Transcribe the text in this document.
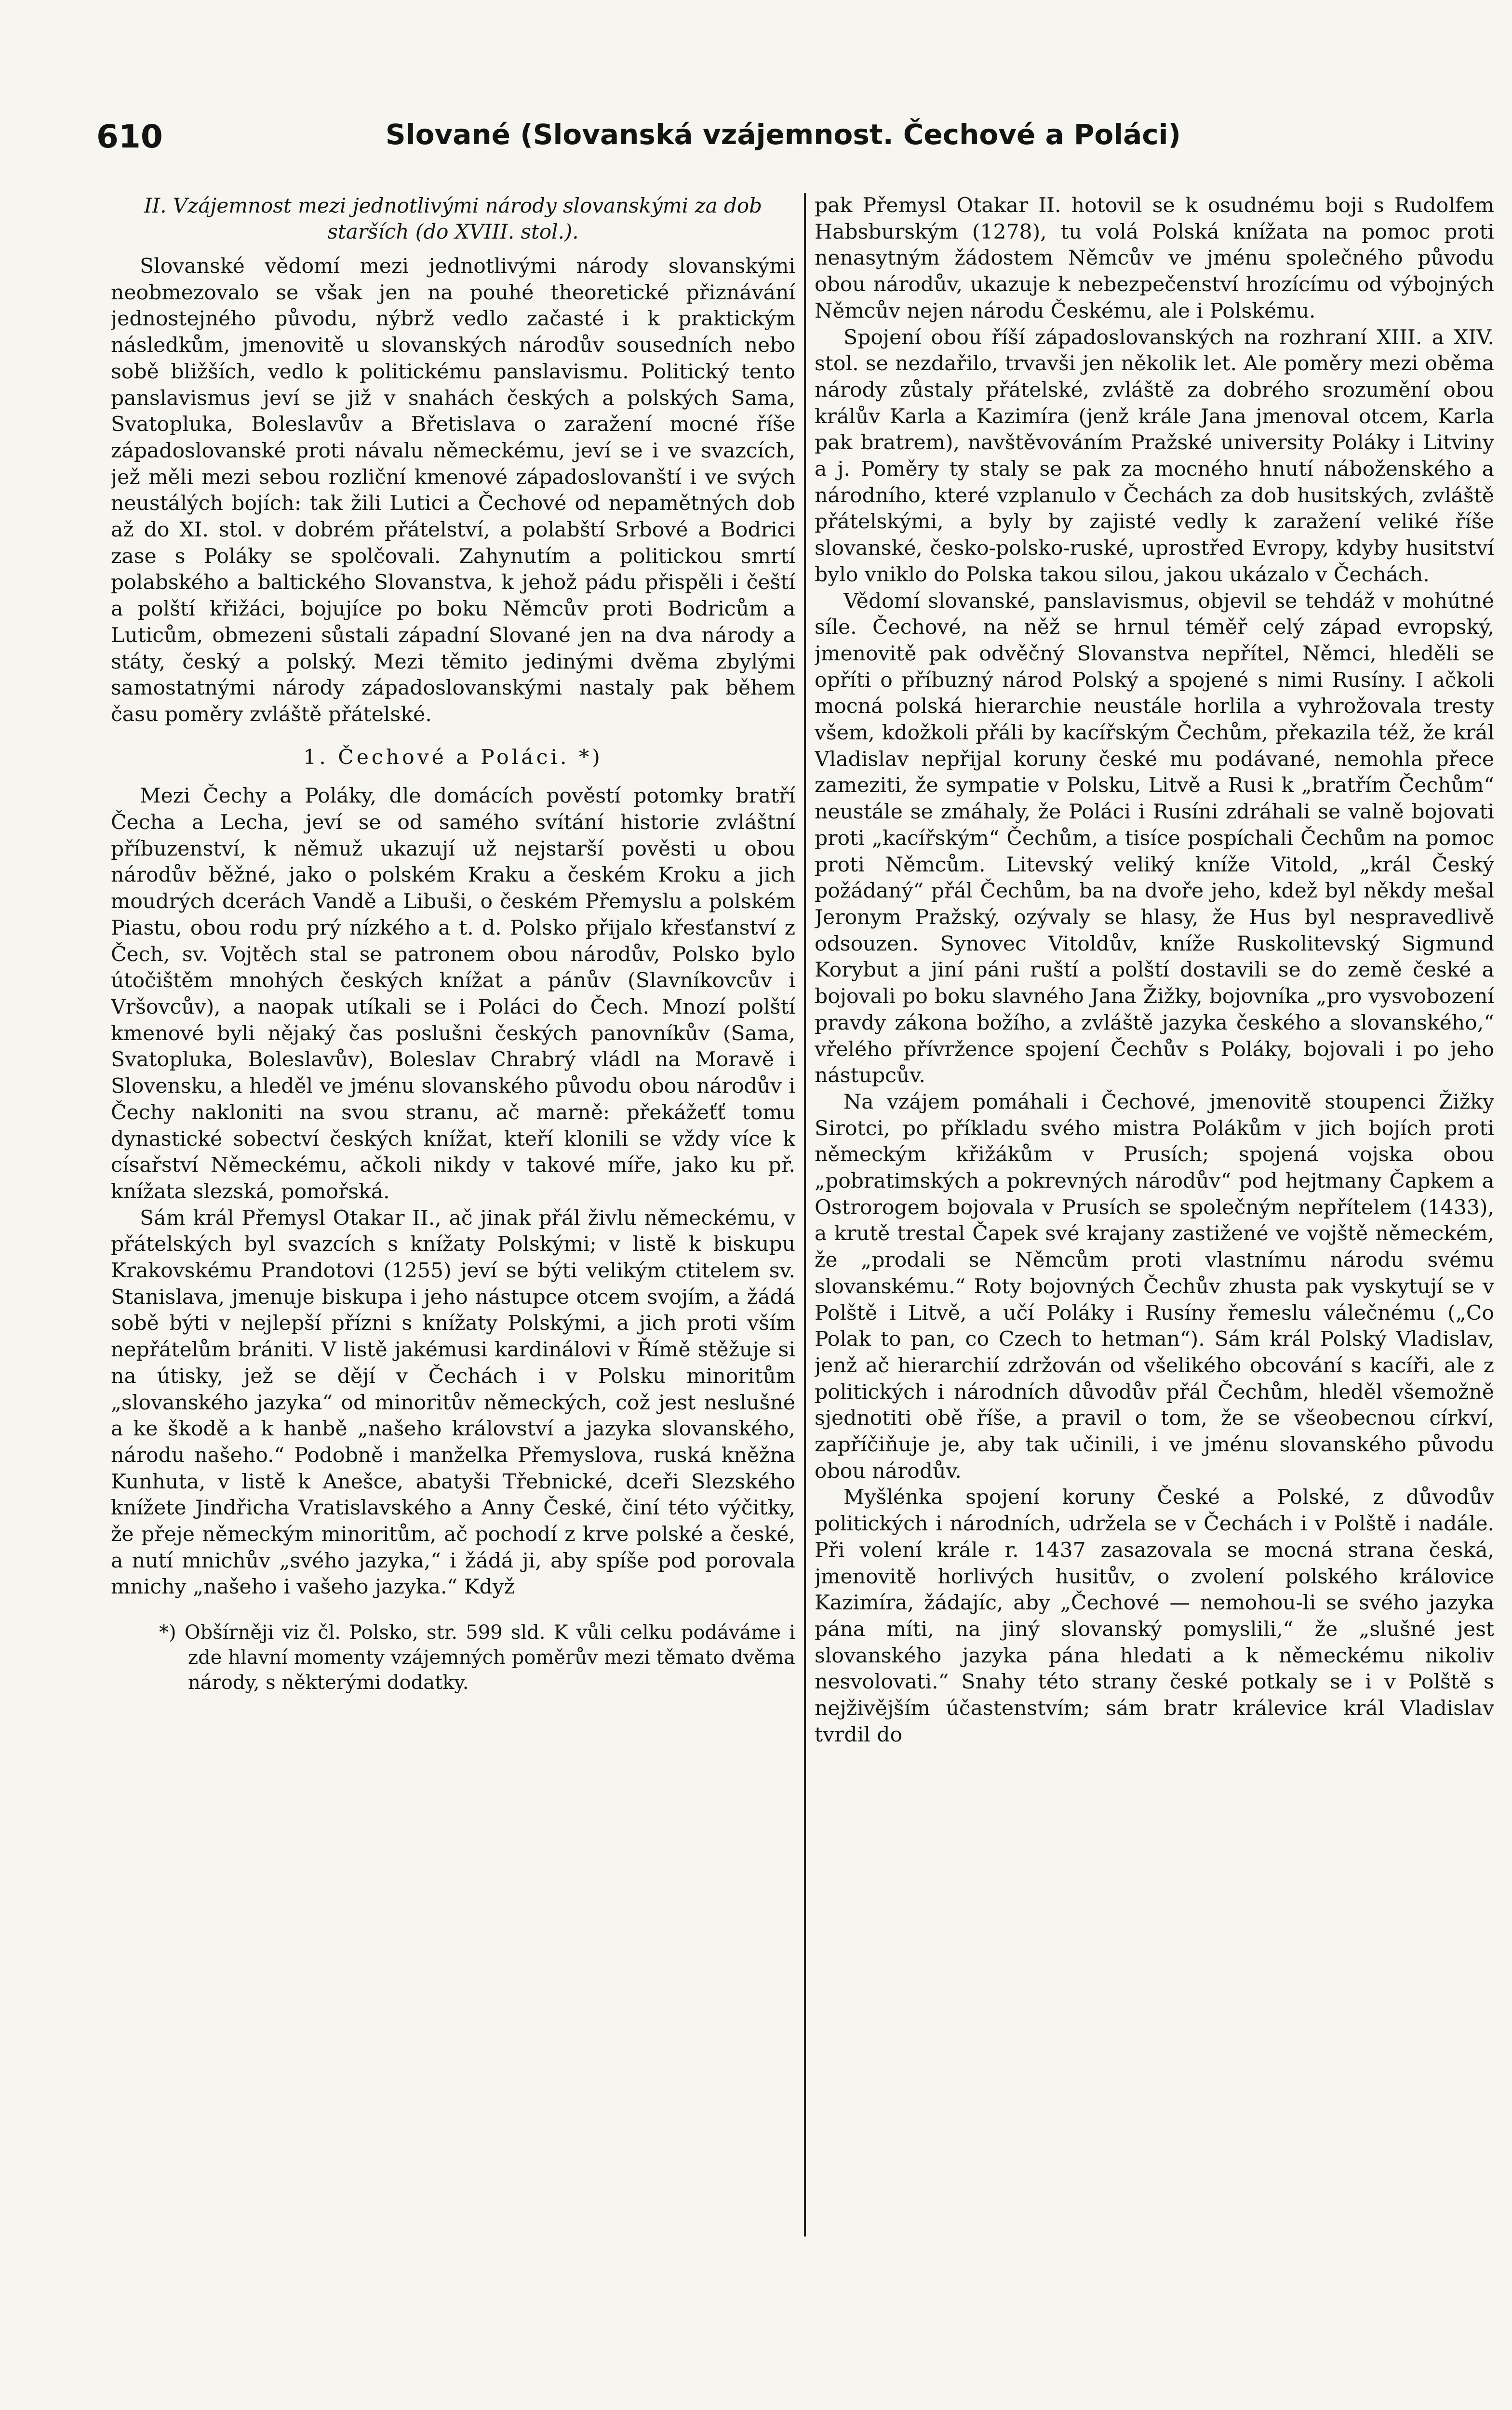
610	Slované (Slovanská vzájemnost. Čechové a Poláci)

II. Vzájemnost mezi jednotlivými národy slovanskými za dob starších (do XVIII. stol.).

Slovanské vědomí mezi jednotlivými národy slovanskými neobmezovalo se však jen na pouhé theoretické přiznávání jednostejného původu, nýbrž vedlo začasté i k praktickým následkům, jmenovitě u slovanských národův sousedních nebo sobě bližších, vedlo k politickému panslavismu. Politický tento panslavismus jeví se již v snahách českých a polských Sama, Svatopluka, Boleslavův a Břetislava o zaražení mocné říše západoslovanské proti návalu německému, jeví se i ve svazcích, jež měli mezi sebou rozliční kmenové západoslovanští i ve svých neustálých bojích: tak žili Lutici a Čechové od nepamětných dob až do XI. stol. v dobrém přátelství, a polabští Srbové a Bodrici zase s Poláky se spolčovali. Zahynutím a politickou smrtí polabského a baltického Slovanstva, k jehož pádu přispěli i čeští a polští křižáci, bojujíce po boku Němcův proti Bodricům a Luticům, obmezeni sůstali západní Slované jen na dva národy a státy, český a polský. Mezi těmito jedinými dvěma zbylými samostatnými národy západoslovanskými nastaly pak během času poměry zvláště přátelské.

1. Čechové a Poláci. *)

Mezi Čechy a Poláky, dle domácích pověstí potomky bratří Čecha a Lecha, jeví se od samého svítání historie zvláštní příbuzenství, k němuž ukazují už nejstarší pověsti u obou národův běžné, jako o polském Kraku a českém Kroku a jich moudrých dcerách Vandě a Libuši, o českém Přemyslu a polském Piastu, obou rodu prý nízkého a t. d. Polsko přijalo křesťanství z Čech, sv. Vojtěch stal se patronem obou národův, Polsko bylo útočištěm mnohých českých knížat a pánův (Slavníkovcův i Vršovcův), a naopak utíkali se i Poláci do Čech. Mnozí polští kmenové byli nějaký čas poslušni českých panovníkův (Sama, Svatopluka, Boleslavův), Boleslav Chrabrý vládl na Moravě i Slovensku, a hleděl ve jménu slovanského původu obou národův i Čechy nakloniti na svou stranu, ač marně: překážeťť tomu dynastické sobectví českých knížat, kteří klonili se vždy více k císařství Německému, ačkoli nikdy v takové míře, jako ku př. knížata slezská, pomořská.

Sám král Přemysl Otakar II., ač jinak přál živlu německému, v přátelských byl svazcích s knížaty Polskými; v listě k biskupu Krakovskému Prandotovi (1255) jeví se býti velikým ctitelem sv. Stanislava, jmenuje biskupa i jeho nástupce otcem svojím, a žádá sobě býti v nejlepší přízni s knížaty Polskými, a jich proti vším nepřátelům brániti. V listě jakémusi kardinálovi v Římě stěžuje si na útisky, jež se dějí v Čechách i v Polsku minoritům „slovanského jazyka“ od minoritův německých, což jest neslušné a ke škodě a k hanbě „našeho království a jazyka slovanského, národu našeho.“ Podobně i manželka Přemyslova, ruská kněžna Kunhuta, v listě k Anešce, abatyši Třebnické, dceři Slezského knížete Jindřicha Vratislavského a Anny České, činí této výčitky, že přeje německým minoritům, ač pochodí z krve polské a české, a nutí mnichův „svého jazyka,“ i žádá ji, aby spíše pod porovala mnichy „našeho i vašeho jazyka.“ Když

*) Obšírněji viz čl. Polsko, str. 599 sld. K vůli celku podáváme i zde hlavní momenty vzájemných poměrův mezi těmato dvěma národy, s některými dodatky.

pak Přemysl Otakar II. hotovil se k osudnému boji s Rudolfem Habsburským (1278), tu volá Polská knížata na pomoc proti nenasytným žádostem Němcův ve jménu společného původu obou národův, ukazuje k nebezpečenství hrozícímu od výbojných Němcův nejen národu Českému, ale i Polskému.

Spojení obou říší západoslovanských na rozhraní XIII. a XIV. stol. se nezdařilo, trvavši jen několik let. Ale poměry mezi oběma národy zůstaly přátelské, zvláště za dobrého srozumění obou králův Karla a Kazimíra (jenž krále Jana jmenoval otcem, Karla pak bratrem), navštěvováním Pražské university Poláky i Litviny a j. Poměry ty staly se pak za mocného hnutí náboženského a národního, které vzplanulo v Čechách za dob husitských, zvláště přátelskými, a byly by zajisté vedly k zaražení veliké říše slovanské, česko-polsko-ruské, uprostřed Evropy, kdyby husitství bylo vniklo do Polska takou silou, jakou ukázalo v Čechách.

Vědomí slovanské, panslavismus, objevil se tehdáž v mohútné síle. Čechové, na něž se hrnul téměř celý západ evropský, jmenovitě pak odvěčný Slovanstva nepřítel, Němci, hleděli se opříti o příbuzný národ Polský a spojené s nimi Rusíny. I ačkoli mocná polská hierarchie neustále horlila a vyhrožovala tresty všem, kdožkoli přáli by kacířským Čechům, překazila též, že král Vladislav nepřijal koruny české mu podávané, nemohla přece zameziti, že sympatie v Polsku, Litvě a Rusi k „bratřím Čechům“ neustále se zmáhaly, že Poláci i Rusíni zdráhali se valně bojovati proti „kacířským“ Čechům, a tisíce pospíchali Čechům na pomoc proti Němcům. Litevský veliký kníže Vitold, „král Český požádaný“ přál Čechům, ba na dvoře jeho, kdež byl někdy mešal Jeronym Pražský, ozývaly se hlasy, že Hus byl nespravedlivě odsouzen. Synovec Vitoldův, kníže Ruskolitevský Sigmund Korybut a jiní páni ruští a polští dostavili se do země české a bojovali po boku slavného Jana Žižky, bojovníka „pro vysvobození pravdy zákona božího, a zvláště jazyka českého a slovanského,“ vřelého přívržence spojení Čechův s Poláky, bojovali i po jeho nástupcův.

Na vzájem pomáhali i Čechové, jmenovitě stoupenci Žižky Sirotci, po příkladu svého mistra Polákům v jich bojích proti německým křižákům v Prusích; spojená vojska obou „pobratimských a pokrevných národův“ pod hejtmany Čapkem a Ostrorogem bojovala v Prusích se společným nepřítelem (1433), a krutě trestal Čapek své krajany zastižené ve vojště německém, že „prodali se Němcům proti vlastnímu národu svému slovanskému.“ Roty bojovných Čechův zhusta pak vyskytují se v Polště i Litvě, a učí Poláky i Rusíny řemeslu válečnému („Co Polak to pan, co Czech to hetman“). Sám král Polský Vladislav, jenž ač hierarchií zdržován od všelikého obcování s kacíři, ale z politických i národních důvodův přál Čechům, hleděl všemožně sjednotiti obě říše, a pravil o tom, že se všeobecnou církví, zapříčiňuje je, aby tak učinili, i ve jménu slovanského původu obou národův.

Myšlénka spojení koruny České a Polské, z důvodův politických i národních, udržela se v Čechách i v Polště i nadále. Při volení krále r. 1437 zasazovala se mocná strana česká, jmenovitě horlivých husitův, o zvolení polského královice Kazimíra, žádajíc, aby „Čechové — nemohou-li se svého jazyka pána míti, na jiný slovanský pomyslili,“ že „slušné jest slovanského jazyka pána hledati a k německému nikoliv nesvolovati.“ Snahy této strany české potkaly se i v Polště s nejživějším účastenstvím; sám bratr králevice král Vladislav tvrdil do
